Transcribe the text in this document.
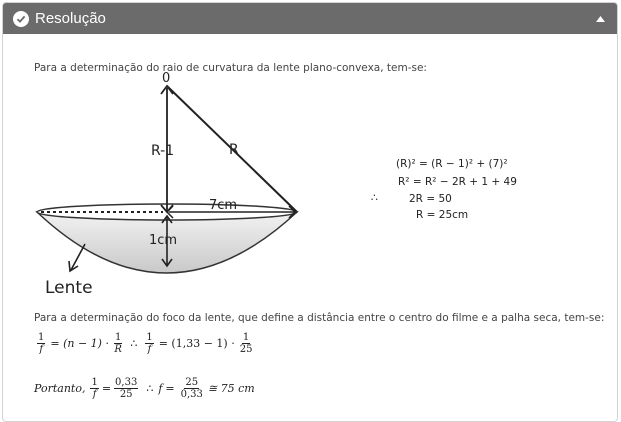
Resolução
Para a determinação do raio de curvatura da lente plano-convexa, tem-se:
0
R-1	R
7cm
1cm
Lente
(R)² = (R − 1)² + (7)²
R² = R² − 2R + 1 + 49
∴	2R = 50
R = 25cm
Para a determinação do foco da lente, que define a distância entre o centro do filme e a palha seca, tem-se:
$\frac{1}{f} = (n - 1) \cdot \frac{1}{R}$ ∴ $\frac{1}{f} = (1,33 - 1) \cdot \frac{1}{25}$
Portanto, $\frac{1}{f} = \frac{0,33}{25}$ ∴ $f = \frac{25}{0,33}$ ≅ 75 cm
